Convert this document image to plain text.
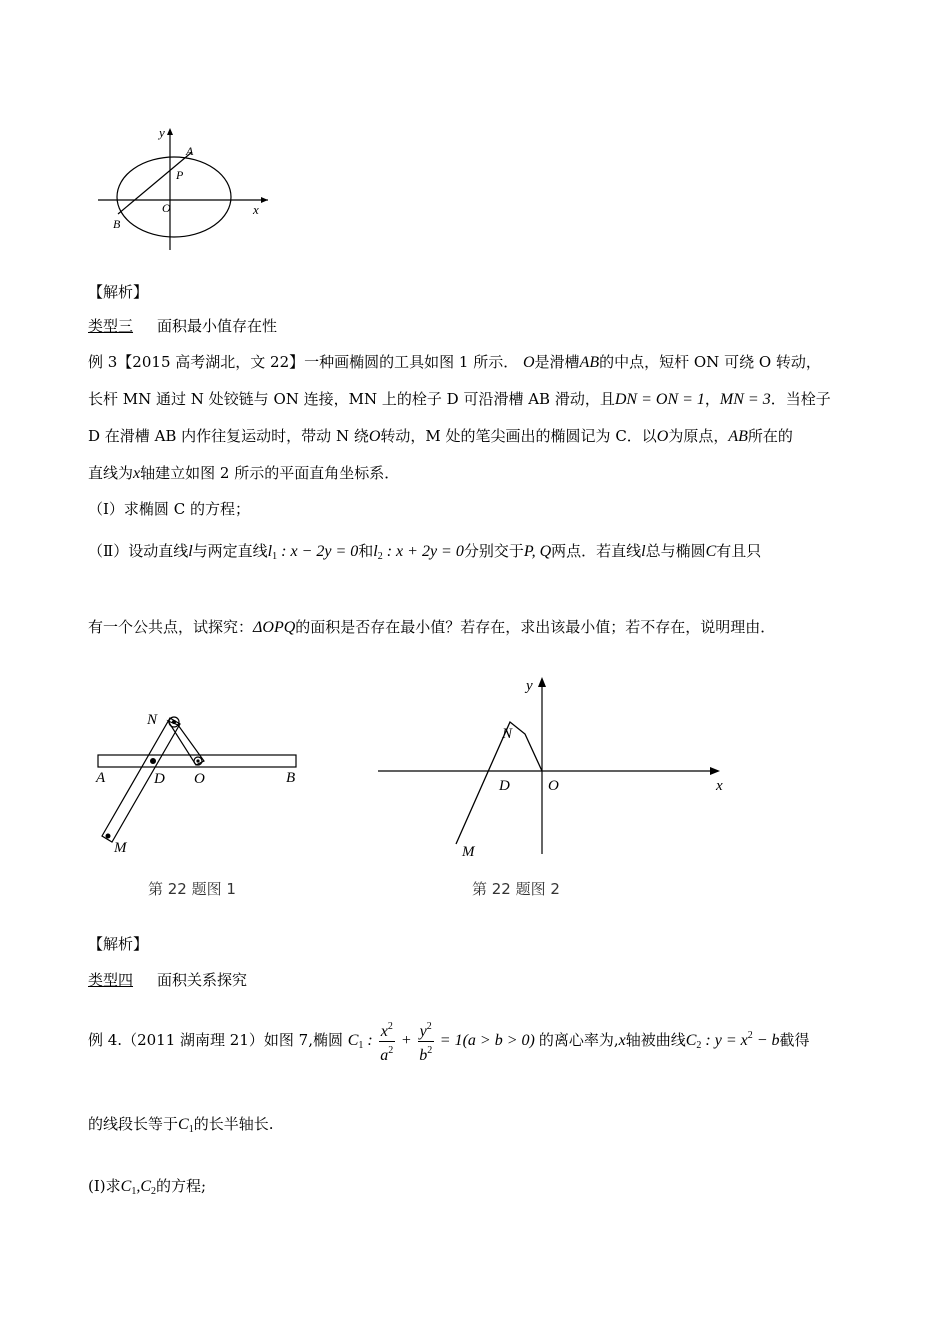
y
x
A
P
O
B
【解析】
类型三 面积最小值存在性
例 3【2015 高考湖北，文 22】一种画椭圆的工具如图 1 所示． O是滑槽AB的中点，短杆 ON 可绕 O 转动，
长杆 MN 通过 N 处铰链与 ON 连接，MN 上的栓子 D 可沿滑槽 AB 滑动，且DN = ON = 1，MN = 3．当栓子
D 在滑槽 AB 内作往复运动时，带动 N 绕O转动，M 处的笔尖画出的椭圆记为 C．以O为原点，AB所在的
直线为x轴建立如图 2 所示的平面直角坐标系．
（Ⅰ）求椭圆 C 的方程；
（Ⅱ）设动直线l与两定直线$l_1$ : x − 2y = 0和$l_2$ : x + 2y = 0分别交于P, Q两点．若直线l总与椭圆C有且只
有一个公共点，试探究：ΔOPQ的面积是否存在最小值？若存在，求出该最小值；若不存在，说明理由．
N
A	D O	B
M
第 22 题图 1
y
N
D	O	x
M
第 22 题图 2
【解析】
类型四 面积关系探究
例 4.（2011 湖南理 21）如图 7,椭圆 $C_1$ : $\frac{x^2}{a^2} + \frac{y^2}{b^2} = 1(a > b > 0)$ 的离心率为,x轴被曲线$C_2$ : $y = x^2 - b$截得
的线段长等于$C_1$的长半轴长.
(I)求$C_1,C_2$的方程;
